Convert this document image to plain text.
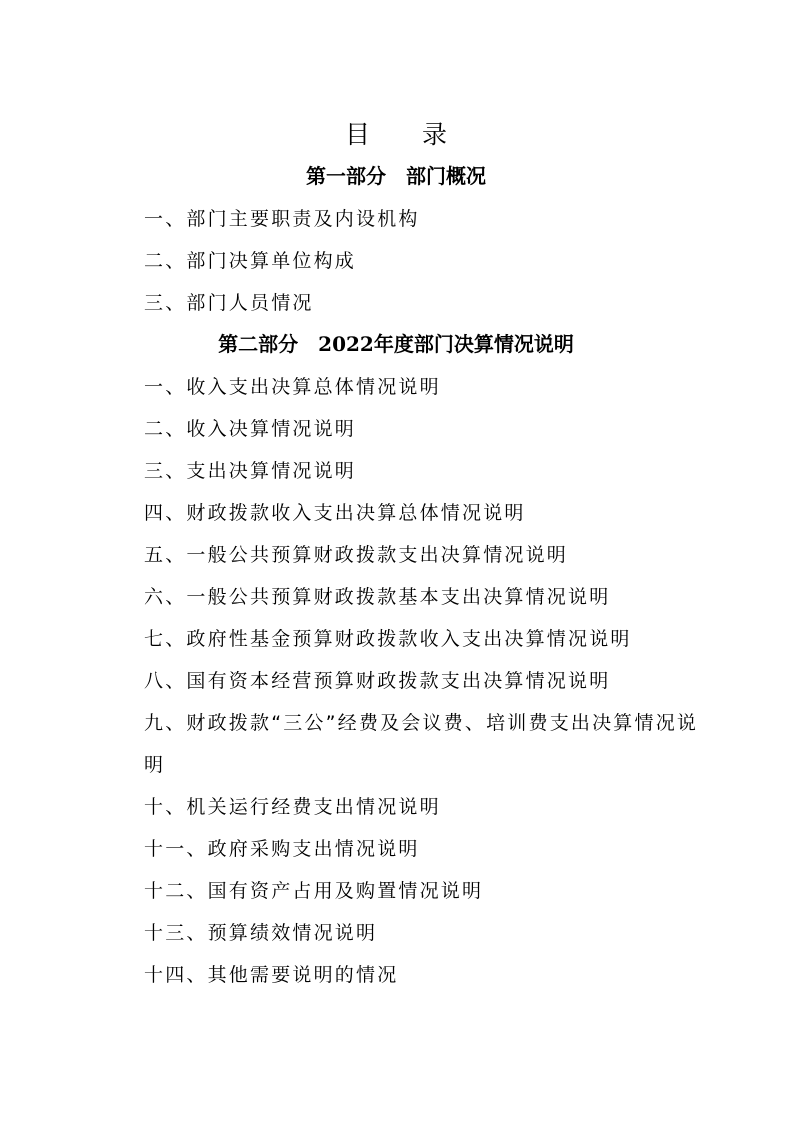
目 录
第一部分　部门概况
一、部门主要职责及内设机构
二、部门决算单位构成
三、部门人员情况
第二部分　2022年度部门决算情况说明
一、收入支出决算总体情况说明
二、收入决算情况说明
三、支出决算情况说明
四、财政拨款收入支出决算总体情况说明
五、一般公共预算财政拨款支出决算情况说明
六、一般公共预算财政拨款基本支出决算情况说明
七、政府性基金预算财政拨款收入支出决算情况说明
八、国有资本经营预算财政拨款支出决算情况说明
九、财政拨款“三公”经费及会议费、培训费支出决算情况说明
十、机关运行经费支出情况说明
十一、政府采购支出情况说明
十二、国有资产占用及购置情况说明
十三、预算绩效情况说明
十四、其他需要说明的情况
